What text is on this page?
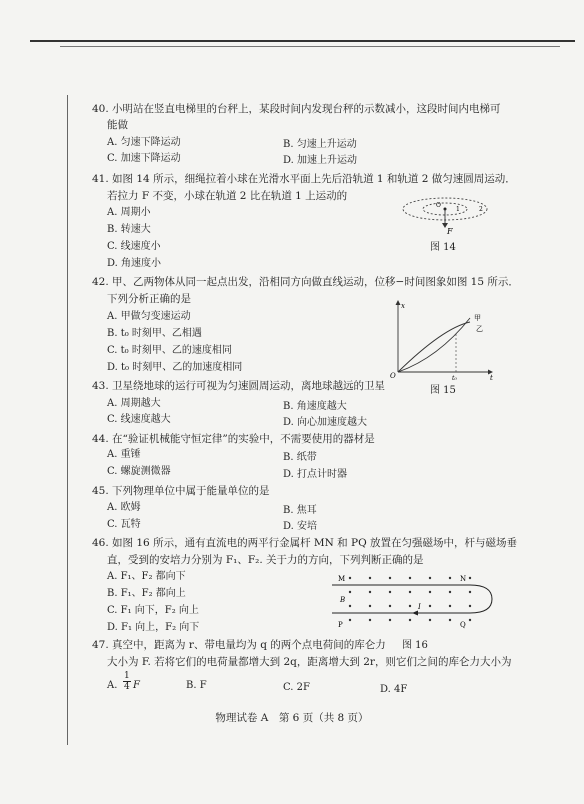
40. 小明站在竖直电梯里的台秤上，某段时间内发现台秤的示数减小，这段时间内电梯可
能做
A. 匀速下降运动	B. 匀速上升运动
C. 加速下降运动	D. 加速上升运动
41. 如图 14 所示，细绳拉着小球在光滑水平面上先后沿轨道 1 和轨道 2 做匀速圆周运动．
若拉力 F 不变，小球在轨道 2 比在轨道 1 上运动的
A. 周期小
B. 转速大
C. 线速度小
D. 角速度小
F
O
1	2
图 14
42. 甲、乙两物体从同一起点出发，沿相同方向做直线运动，位移−时间图象如图 15 所示．
下列分析正确的是
A. 甲做匀变速运动
B. t₀ 时刻甲、乙相遇
C. t₀ 时刻甲、乙的速度相同
D. t₀ 时刻甲、乙的加速度相同
x
t
O	t₀
甲
乙
图 15
43. 卫星绕地球的运行可视为匀速圆周运动，离地球越远的卫星
A. 周期越大	B. 角速度越大
C. 线速度越大	D. 向心加速度越大
44. 在“验证机械能守恒定律”的实验中，不需要使用的器材是
A. 重锤	B. 纸带
C. 螺旋测微器	D. 打点计时器
45. 下列物理单位中属于能量单位的是
A. 欧姆	B. 焦耳
C. 瓦特	D. 安培
46. 如图 16 所示，通有直流电的两平行金属杆 MN 和 PQ 放置在匀强磁场中，杆与磁场垂
直，受到的安培力分别为 F₁、F₂. 关于力的方向，下列判断正确的是
A. F₁、F₂ 都向下
B. F₁、F₂ 都向上
C. F₁ 向下，F₂ 向上
D. F₁ 向上，F₂ 向下
M	N
P	Q
B
I
图 16
47. 真空中，距离为 r、带电量均为 q 的两个点电荷间的库仑力
大小为 F. 若将它们的电荷量都增大到 2q，距离增大到 2r，则它们之间的库仑力大小为
A. $\frac{1}{4}$ F	B. F	C. 2F	D. 4F
物理试卷 A　第 6 页（共 8 页）
